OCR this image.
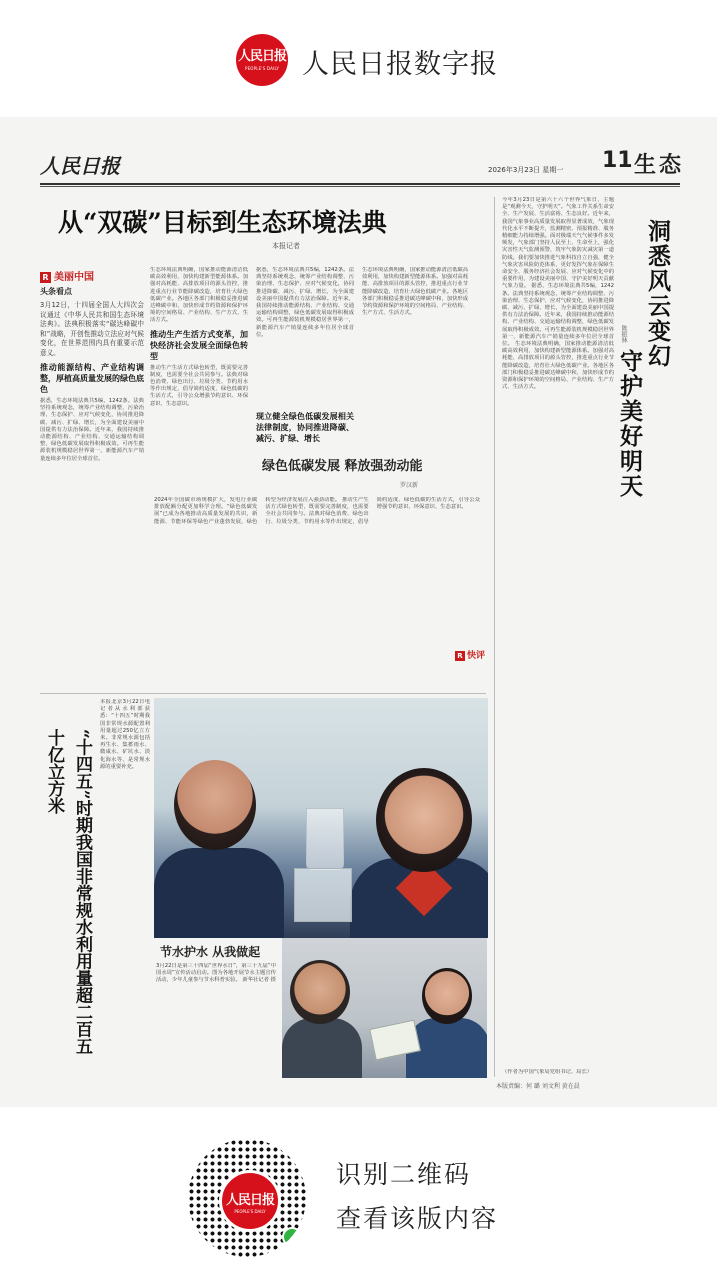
人民日报
PEOPLE'S DAILY 人民日报数字报
人民日报	2026年3月23日 星期一 11 生态
从“双碳”目标到生态环境法典
本报记者
R 美丽中国
头条看点
3月12日，十四届全国人大四次会议通过《中华人民共和国生态环境法典》。法典积极落实“碳达峰碳中和”战略，开创性推动立法应对气候变化，在世界范围内具有重要示范意义。
推动能源结构、产业结构调整，厚植高质量发展的绿色底色
据悉，生态环境法典共5编，1242条。法典坚持系统观念，统筹产业结构调整、污染治理、生态保护、应对气候变化，协同推进降碳、减污、扩绿、增长，为全面建设美丽中国提供有力法治保障。近年来，我国持续推动能源结构、产业结构、交通运输结构调整，绿色低碳发展取得积极成效。可再生能源装机规模稳居世界第一，新能源汽车产销量连续多年位居全球首位。
生态环境法典明确，国家推动能源清洁低碳高效利用，加快构建新型能源体系。加强对高耗能、高排放项目的源头管控，推进重点行业节能降碳改造，培育壮大绿色低碳产业。各地区各部门积极稳妥推进碳达峰碳中和，加快形成节约资源和保护环境的空间格局、产业结构、生产方式、生活方式。
推动生产生活方式变革，加快经济社会发展全面绿色转型
推动生产生活方式绿色转型，既需要完善制度，也需要全社会共同参与。法典对绿色消费、绿色出行、垃圾分类、节约用水等作出规定，倡导简约适度、绿色低碳的生活方式，引导公众增强节约意识、环保意识、生态意识。
据悉，生态环境法典共5编，1242条。法典坚持系统观念，统筹产业结构调整、污染治理、生态保护、应对气候变化，协同推进降碳、减污、扩绿、增长，为全面建设美丽中国提供有力法治保障。近年来，我国持续推动能源结构、产业结构、交通运输结构调整，绿色低碳发展取得积极成效。可再生能源装机规模稳居世界第一，新能源汽车产销量连续多年位居全球首位。
生态环境法典明确，国家推动能源清洁低碳高效利用，加快构建新型能源体系。加强对高耗能、高排放项目的源头管控，推进重点行业节能降碳改造，培育壮大绿色低碳产业。各地区各部门积极稳妥推进碳达峰碳中和，加快形成节约资源和保护环境的空间格局、产业结构、生产方式、生活方式。
现立健全绿色低碳发展相关法律制度，协同推进降碳、减污、扩绿、增长
绿色低碳发展 释放强劲动能
罗汉新
2024年全国碳市场规模扩大，发电行业碳排放配额分配更加科学合理。“绿色低碳发展”已成为各地推动高质量发展的共识，新能源、节能环保等绿色产业蓬勃发展，绿色转型为经济发展注入强劲动能。 推动生产生活方式绿色转型，既需要完善制度，也需要全社会共同参与。法典对绿色消费、绿色出行、垃圾分类、节约用水等作出规定，倡导简约适度、绿色低碳的生活方式，引导公众增强节约意识、环保意识、生态意识。
R 快评
今年3月23日是第六十六个世界气象日，主题是“观测今天，守护明天”。气象工作关系生命安全、生产发展、生活富裕、生态良好。近年来，我国气象事业高质量发展取得显著成效，气象现代化水平不断提升，监测精密、预报精准、服务精细能力持续增强。面对极端天气气候事件多发频发，气象部门坚持人民至上、生命至上，强化灾害性天气监测预警，筑牢气象防灾减灾第一道防线。我们要加快推进气象科技自立自强，健全气象灾害风险防范体系，更好发挥气象在保障生命安全、服务经济社会发展、应对气候变化中的重要作用，为建设美丽中国、守护美好明天贡献气象力量。 据悉，生态环境法典共5编，1242条。法典坚持系统观念，统筹产业结构调整、污染治理、生态保护、应对气候变化，协同推进降碳、减污、扩绿、增长，为全面建设美丽中国提供有力法治保障。近年来，我国持续推动能源结构、产业结构、交通运输结构调整，绿色低碳发展取得积极成效。可再生能源装机规模稳居世界第一，新能源汽车产销量连续多年位居全球首位。 生态环境法典明确，国家推动能源清洁低碳高效利用，加快构建新型能源体系。加强对高耗能、高排放项目的源头管控，推进重点行业节能降碳改造，培育壮大绿色低碳产业。各地区各部门积极稳妥推进碳达峰碳中和，加快形成节约资源和保护环境的空间格局、产业结构、生产方式、生活方式。
洞悉风云变幻
守护美好明天
陈振林
（作者为中国气象局党组书记、局长）
“十四五”时期我国非常规水利用量超二百五十亿立方米
本报北京3月22日电 记者从水利部获悉：“十四五”时期我国非常规水源配置利用量超过250亿立方米。非常规水源包括再生水、集蓄雨水、微咸水、矿坑水、淡化海水等，是常规水源的重要补充。
节水护水 从我做起
3月22日是第三十四届“世界水日”，第三十九届“中国水周”宣传活动启动。图为各地开展节水主题宣传活动，少年儿童参与节水科普实验。 新华社记者 摄
本版责编：何 璐 刘文利 黄在晨
人民日报
PEOPLE'S DAILY
识别二维码
查看该版内容
